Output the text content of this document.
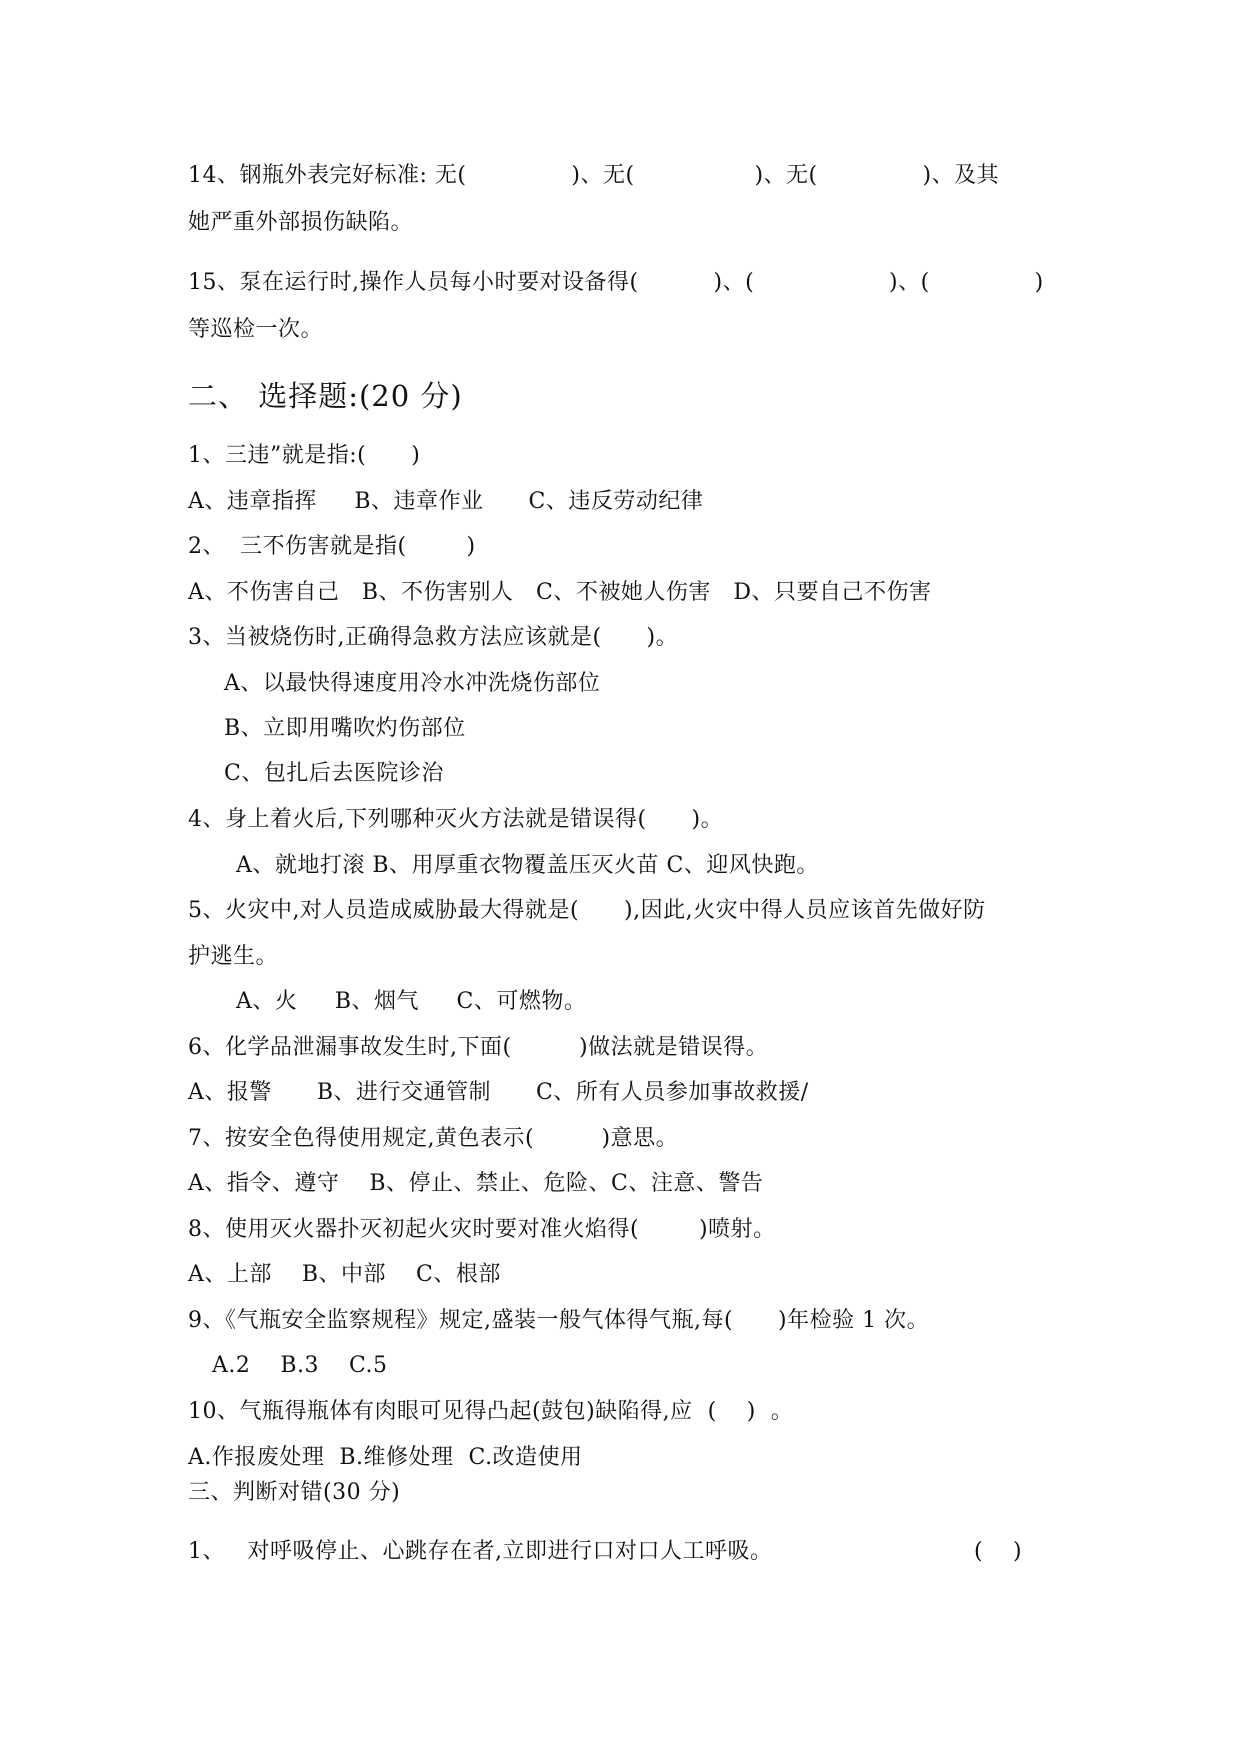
14、钢瓶外表完好标准: 无(              )、无(                )、无(              )、及其
她严重外部损伤缺陷。
15、泵在运行时,操作人员每小时要对设备得(          )、(                  )、(              )
等巡检一次。
二、 选择题:(20 分)
1、三违”就是指:(      )
A、违章指挥     B、违章作业      C、违反劳动纪律
2、  三不伤害就是指(        )
A、不伤害自己   B、不伤害别人   C、不被她人伤害   D、只要自己不伤害
3、当被烧伤时,正确得急救方法应该就是(      )。
A、以最快得速度用冷水冲洗烧伤部位
B、立即用嘴吹灼伤部位
C、包扎后去医院诊治
4、身上着火后,下列哪种灭火方法就是错误得(      )。
A、就地打滚 B、用厚重衣物覆盖压灭火苗 C、迎风快跑。
5、火灾中,对人员造成威胁最大得就是(      ),因此,火灾中得人员应该首先做好防
护逃生。
A、火     B、烟气     C、可燃物。
6、化学品泄漏事故发生时,下面(         )做法就是错误得。
A、报警      B、进行交通管制      C、所有人员参加事故救援/
7、按安全色得使用规定,黄色表示(         )意思。
A、指令、遵守    B、停止、禁止、危险、C、注意、警告
8、使用灭火器扑灭初起火灾时要对准火焰得(        )喷射。
A、上部    B、中部    C、根部
9、《气瓶安全监察规程》规定,盛装一般气体得气瓶,每(      )年检验 1 次。
A.2    B.3    C.5
10、气瓶得瓶体有肉眼可见得凸起(鼓包)缺陷得,应  (    )  。
A.作报废处理  B.维修处理  C.改造使用
三、判断对错(30 分)
1、   对呼吸停止、心跳存在者,立即进行口对口人工呼吸。	(    )
